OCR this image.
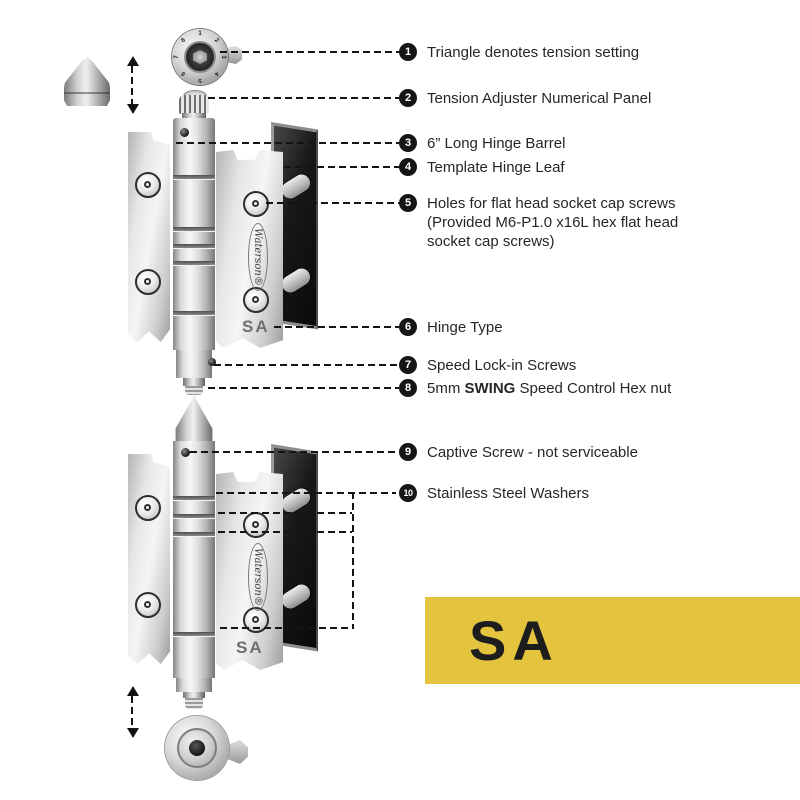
Waterson®
SA
1
2
3
4
5
6
7
8
Waterson®
SA
1	Triangle denotes tension setting
2	Tension Adjuster Numerical Panel
3	6” Long Hinge Barrel
4	Template Hinge Leaf
5	Holes for flat head socket cap screws
(Provided M6-P1.0 x16L hex flat head
socket cap screws)
6	Hinge Type
7	Speed Lock-in Screws
8	5mm SWING Speed Control Hex nut
9	Captive Screw - not serviceable
10 Stainless Steel Washers
SA
